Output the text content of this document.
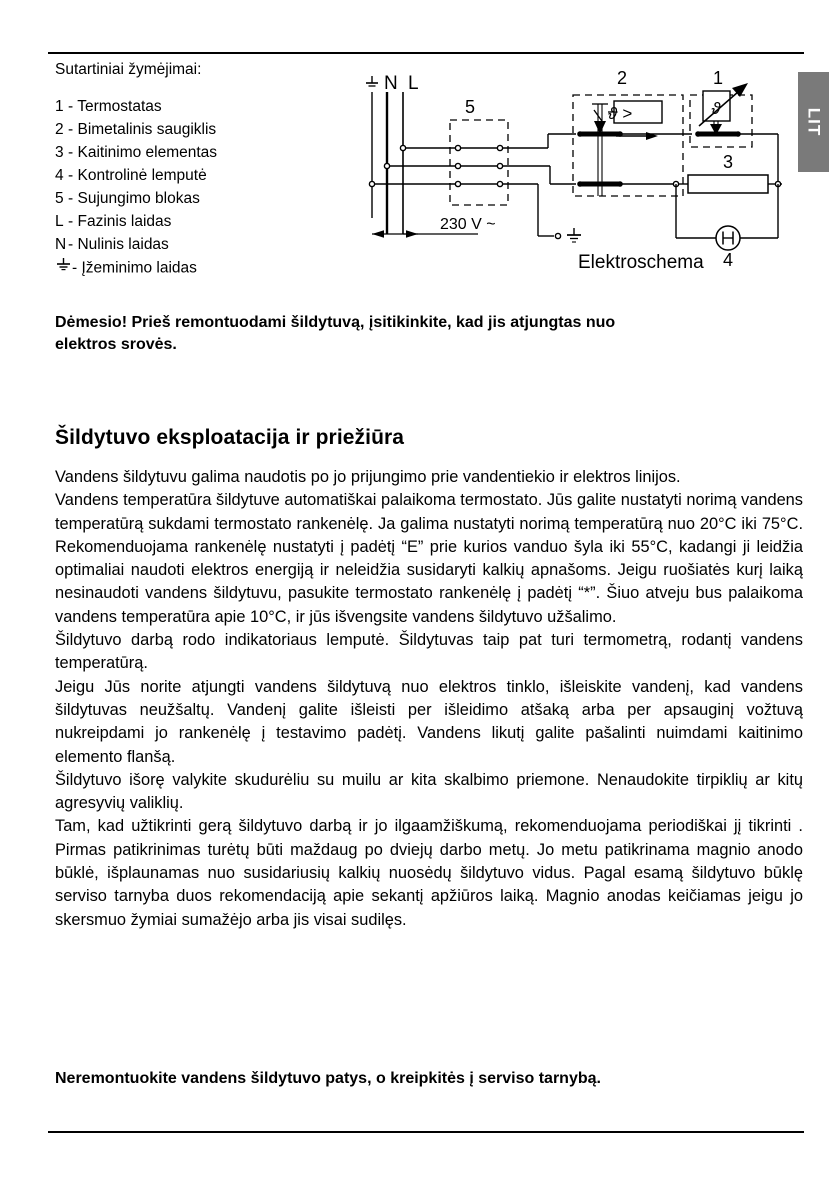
LIT

Sutartiniai žymėjimai:

1 - Termostatas
2 - Bimetalinis saugiklis
3 - Kaitinimo elementas
4 - Kontrolinė lemputė
5 - Sujungimo blokas
L - Fazinis laidas
N - Nulinis laidas
- Įžeminimo laidas
N L
230 V ~
5
2	1
3
4
ϑ >	ϑ
Elektroschema
Dėmesio! Prieš remontuodami šildytuvą, įsitikinkite, kad jis atjungtas nuo
elektros srovės.
Šildytuvo eksploatacija ir priežiūra

Vandens šildytuvu galima naudotis po jo prijungimo prie vandentiekio ir elektros linijos.

Vandens temperatūra šildytuve automatiškai palaikoma termostato. Jūs galite nustatyti norimą vandens temperatūrą sukdami termostato rankenėlę. Ja galima nustatyti norimą temperatūrą nuo 20°C iki 75°C. Rekomenduojama rankenėlę nustatyti į padėtį “E” prie kurios vanduo šyla iki 55°C, kadangi ji leidžia optimaliai naudoti elektros energiją ir neleidžia susidaryti kalkių apnašoms. Jeigu ruošiatės kurį laiką nesinaudoti vandens šildytuvu, pasukite termostato rankenėlę į padėtį “*”. Šiuo atveju bus palaikoma vandens temperatūra apie 10°C, ir jūs išvengsite vandens šildytuvo užšalimo.

Šildytuvo darbą rodo indikatoriaus lemputė. Šildytuvas taip pat turi termometrą, rodantį vandens temperatūrą.

Jeigu Jūs norite atjungti vandens šildytuvą nuo elektros tinklo, išleiskite vandenį, kad vandens šildytuvas neužšaltų. Vandenį galite išleisti per išleidimo atšaką arba per apsauginį vožtuvą nukreipdami jo rankenėlę į testavimo padėtį. Vandens likutį galite pašalinti nuimdami kaitinimo elemento flanšą.

Šildytuvo išorę valykite skudurėliu su muilu ar kita skalbimo priemone. Nenaudokite tirpiklių ar kitų agresyvių valiklių.

Tam, kad užtikrinti gerą šildytuvo darbą ir jo ilgaamžiškumą, rekomenduojama periodiškai jį tikrinti . Pirmas patikrinimas turėtų būti maždaug po dviejų darbo metų. Jo metu patikrinama magnio anodo būklė, išplaunamas nuo susidariusių kalkių nuosėdų šildytuvo vidus. Pagal esamą šildytuvo būklę serviso tarnyba duos rekomendaciją apie sekantį apžiūros laiką. Magnio anodas keičiamas jeigu jo skersmuo žymiai sumažėjo arba jis visai sudilęs.

Neremontuokite vandens šildytuvo patys, o kreipkitės į serviso tarnybą.
